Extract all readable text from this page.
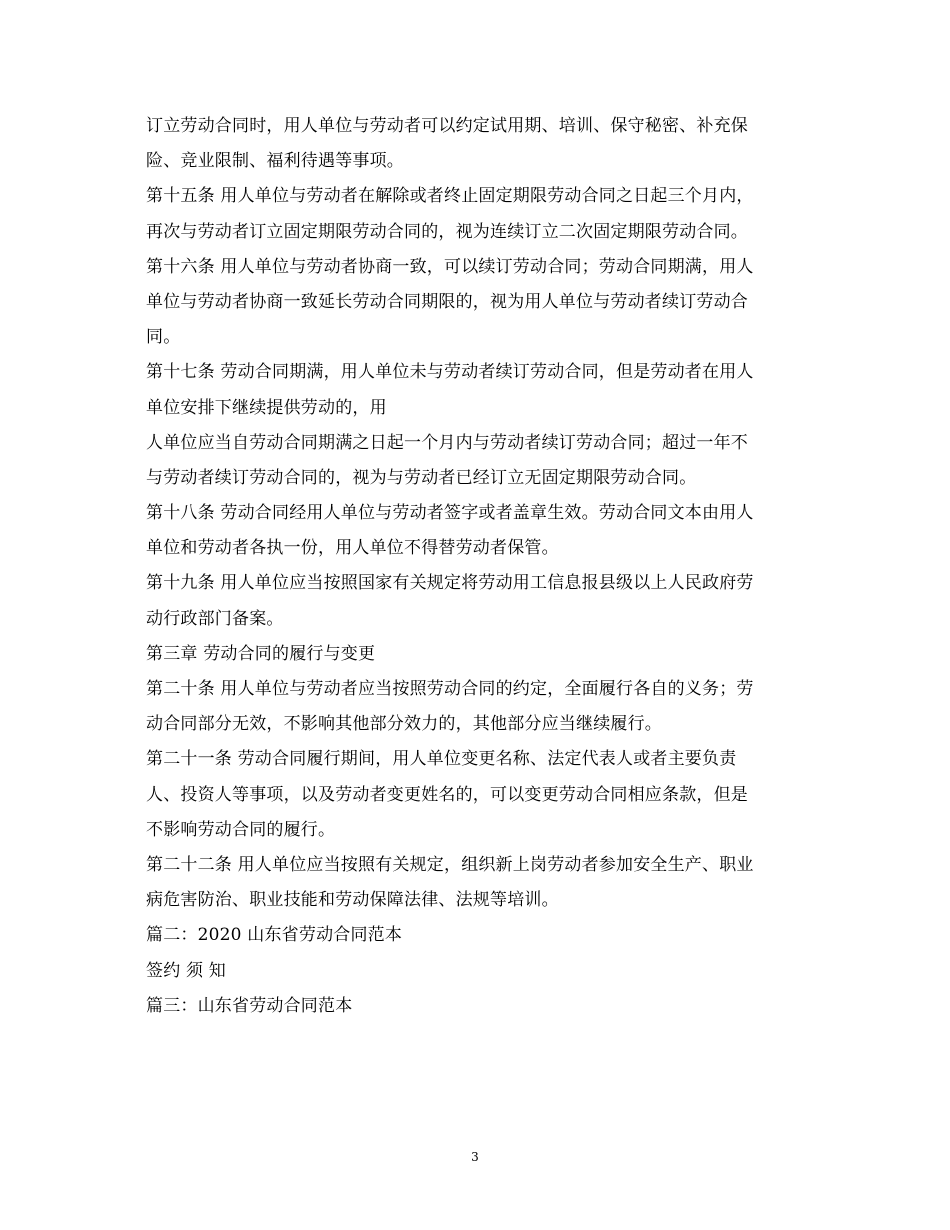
订立劳动合同时，用人单位与劳动者可以约定试用期、培训、保守秘密、补充保
险、竞业限制、福利待遇等事项。
第十五条 用人单位与劳动者在解除或者终止固定期限劳动合同之日起三个月内，
再次与劳动者订立固定期限劳动合同的，视为连续订立二次固定期限劳动合同。
第十六条 用人单位与劳动者协商一致，可以续订劳动合同；劳动合同期满，用人
单位与劳动者协商一致延长劳动合同期限的，视为用人单位与劳动者续订劳动合
同。
第十七条 劳动合同期满，用人单位未与劳动者续订劳动合同，但是劳动者在用人
单位安排下继续提供劳动的，用
人单位应当自劳动合同期满之日起一个月内与劳动者续订劳动合同；超过一年不
与劳动者续订劳动合同的，视为与劳动者已经订立无固定期限劳动合同。
第十八条 劳动合同经用人单位与劳动者签字或者盖章生效。劳动合同文本由用人
单位和劳动者各执一份，用人单位不得替劳动者保管。
第十九条 用人单位应当按照国家有关规定将劳动用工信息报县级以上人民政府劳
动行政部门备案。
第三章 劳动合同的履行与变更
第二十条 用人单位与劳动者应当按照劳动合同的约定，全面履行各自的义务；劳
动合同部分无效，不影响其他部分效力的，其他部分应当继续履行。
第二十一条 劳动合同履行期间，用人单位变更名称、法定代表人或者主要负责
人、投资人等事项，以及劳动者变更姓名的，可以变更劳动合同相应条款，但是
不影响劳动合同的履行。
第二十二条 用人单位应当按照有关规定，组织新上岗劳动者参加安全生产、职业
病危害防治、职业技能和劳动保障法律、法规等培训。
篇二：2020 山东省劳动合同范本
签约 须 知
篇三：山东省劳动合同范本
3
